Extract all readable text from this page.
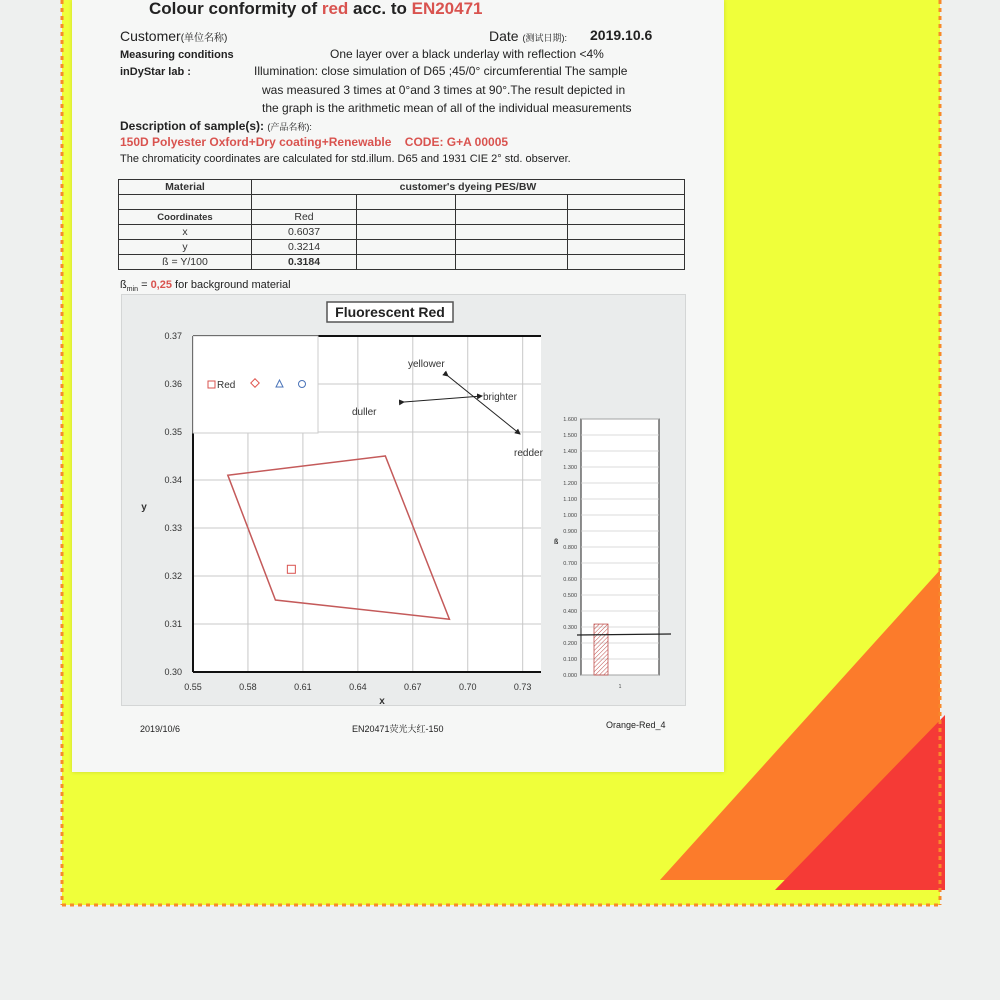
Colour conformity of red acc. to EN20471
Customer(单位名称)	Date (测试日期): 2019.10.6
Measuring conditions
inDyStar lab :
One layer over a black underlay with reflection <4%
Illumination: close simulation of D65 ;45/0° circumferential The sample
was measured 3 times at 0°and 3 times at 90°.The result depicted in
the graph is the arithmetic mean of all of the individual measurements
Description of sample(s): (产品名称):
150D Polyester Oxford+Dry coating+Renewable CODE: G+A 00005
The chromaticity coordinates are calculated for std.illum. D65 and 1931 CIE 2° std. observer.
Material	customer's dyeing PES/BW			

Coordinates	Red			
x	0.6037			
y	0.3214			
ß = Y/100	0.3184			
$ß_{min} = 0,25$ for background material
Fluorescent Red
0.55	0.58	0.61	0.64	0.67	0.70	0.73
0.30
0.31
0.32
0.33
0.34
0.35
0.36
0.37
x
y
Red
yellower
brighter
duller
redder
0.000
0.100
0.200
0.300
0.400
0.500
0.600
0.700
0.800
0.900
1.000
1.100
1.200
1.300
1.400
1.500
1.600
ß
1
2019/10/6	EN20471荧光大红-150	Orange-Red_4
